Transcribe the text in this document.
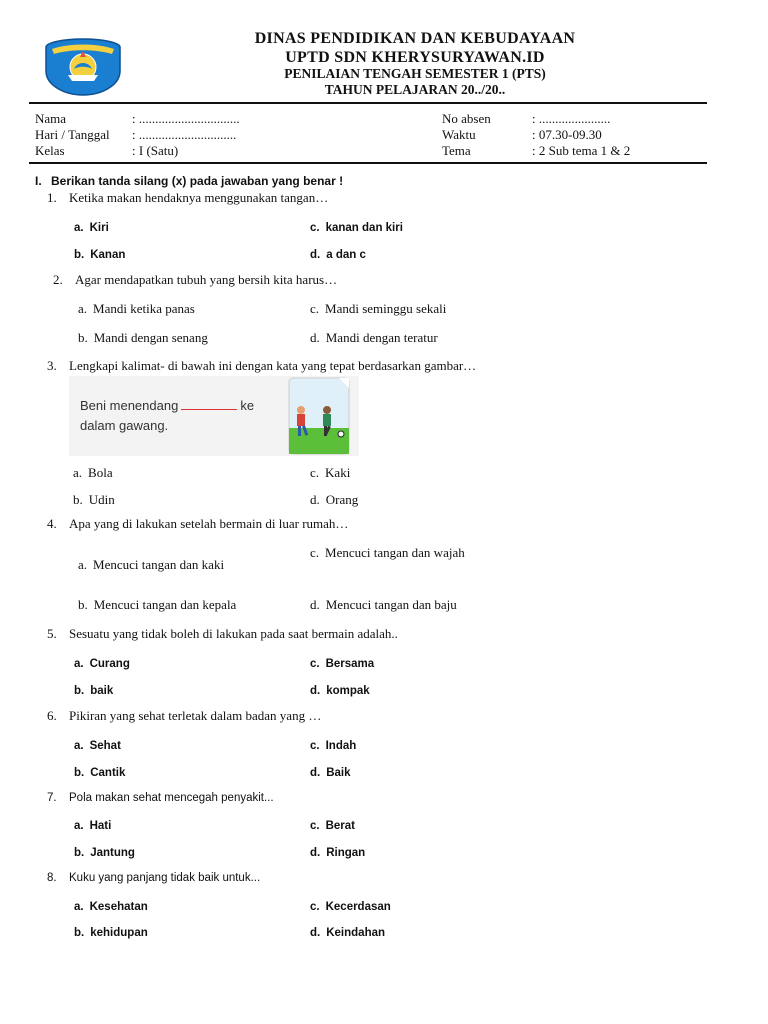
DINAS PENDIDIKAN DAN KEBUDAYAAN
UPTD SDN KHERYSURYAWAN.ID
PENILAIAN TENGAH SEMESTER 1 (PTS)
TAHUN PELAJARAN 20../20..
Nama	: ...............................	No absen	: ......................
Hari / Tanggal : ..............................	Waktu	: 07.30-09.30
Kelas	: I (Satu)	Tema	: 2 Sub tema 1 & 2
I. Berikan tanda silang (x) pada jawaban yang benar !
1. Ketika makan hendaknya menggunakan tangan…
a. Kiri
b. Kanan
c. kanan dan kiri
d. a dan c
2. Agar mendapatkan tubuh yang bersih kita harus…
a. Mandi ketika panas
b. Mandi dengan senang
c. Mandi seminggu sekali
d. Mandi dengan teratur
3. Lengkapi kalimat- di bawah ini dengan kata yang tepat berdasarkan gambar…
Beni menendang	ke
dalam gawang.
a. Bola
b. Udin
c. Kaki
d. Orang
4. Apa yang di lakukan setelah bermain di luar rumah…
a. Mencuci tangan dan kaki
b. Mencuci tangan dan kepala
c. Mencuci tangan dan wajah
d. Mencuci tangan dan baju
5. Sesuatu yang tidak boleh di lakukan pada saat bermain adalah..
a. Curang
b. baik
c. Bersama
d. kompak
6. Pikiran yang sehat terletak dalam badan yang …
a. Sehat
b. Cantik
c. Indah
d. Baik
7. Pola makan sehat mencegah penyakit...
a. Hati
b. Jantung
c. Berat
d. Ringan
8. Kuku yang panjang tidak baik untuk...
a. Kesehatan
b. kehidupan
c. Kecerdasan
d. Keindahan
